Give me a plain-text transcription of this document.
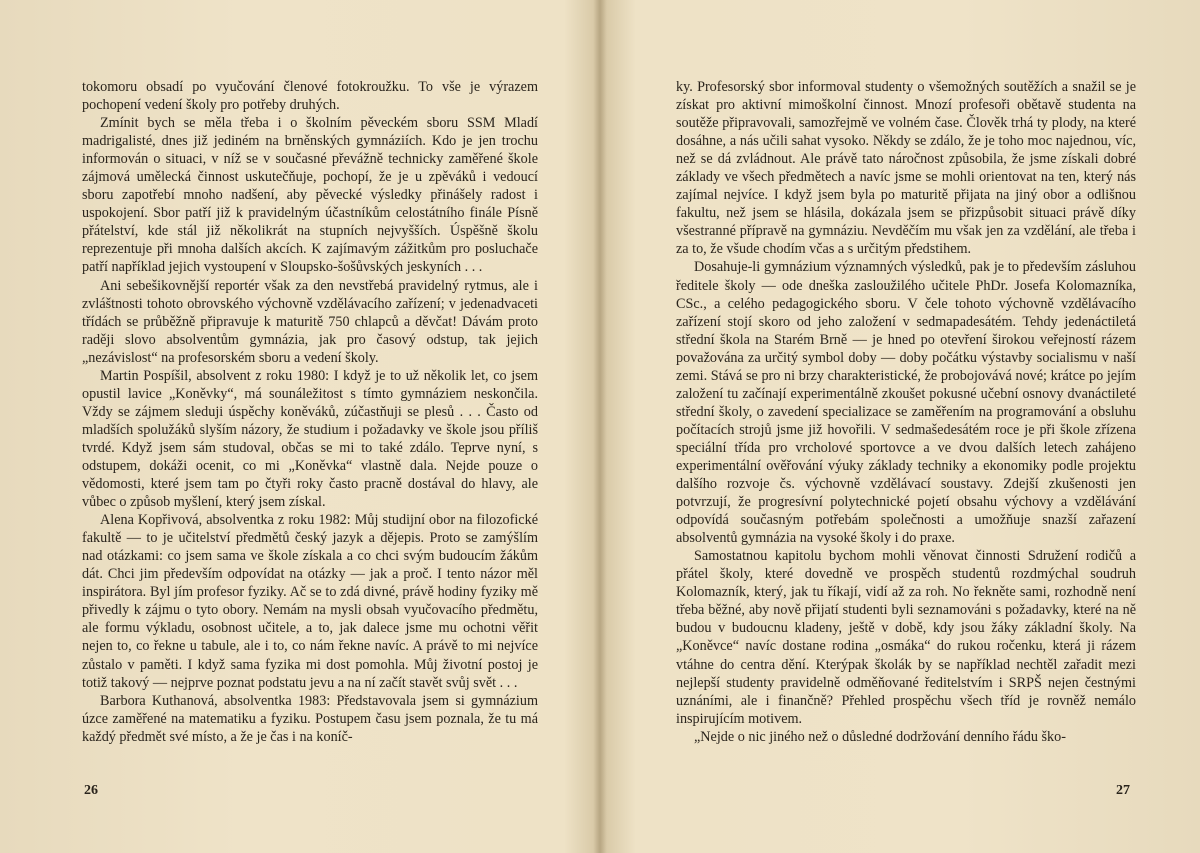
tokomoru obsadí po vyučování členové fotokroužku. To vše je výrazem pochopení vedení školy pro potřeby druhých.

Zmínit bych se měla třeba i o školním pěveckém sboru SSM Mladí madrigalisté, dnes již jediném na brněnských gymnáziích. Kdo je jen trochu informován o situaci, v níž se v současné převážně technicky zaměřené škole zájmová umělecká činnost uskutečňuje, pochopí, že je u zpěváků i vedoucí sboru zapotřebí mnoho nadšení, aby pěvecké výsledky přinášely radost i uspokojení. Sbor patří již k pravidelným účastníkům celostátního finále Písně přátelství, kde stál již několikrát na stupních nejvyšších. Úspěšně školu reprezentuje při mnoha dalších akcích. K zajímavým zážitkům pro posluchače patří například jejich vystoupení v Sloupsko-šošůvských jeskyních . . .

Ani sebešikovnější reportér však za den nevstřebá pravidelný rytmus, ale i zvláštnosti tohoto obrovského výchovně vzdělávacího zařízení; v jedenadvaceti třídách se průběžně připravuje k maturitě 750 chlapců a děvčat! Dávám proto raději slovo absolventům gymnázia, jak pro časový odstup, tak jejich „nezávislost“ na profesorském sboru a vedení školy.

Martin Pospíšil, absolvent z roku 1980: I když je to už několik let, co jsem opustil lavice „Koněvky“, má sounáležitost s tímto gymnáziem neskončila. Vždy se zájmem sleduji úspěchy koněváků, zúčastňuji se plesů . . . Často od mladších spolužáků slyším názory, že studium i požadavky ve škole jsou příliš tvrdé. Když jsem sám studoval, občas se mi to také zdálo. Teprve nyní, s odstupem, dokáži ocenit, co mi „Koněvka“ vlastně dala. Nejde pouze o vědomosti, které jsem tam po čtyři roky často pracně dostával do hlavy, ale vůbec o způsob myšlení, který jsem získal.

Alena Kopřivová, absolventka z roku 1982: Můj studijní obor na filozofické fakultě — to je učitelství předmětů český jazyk a dějepis. Proto se zamýšlím nad otázkami: co jsem sama ve škole získala a co chci svým budoucím žákům dát. Chci jim především odpovídat na otázky — jak a proč. I tento názor měl inspirátora. Byl jím profesor fyziky. Ač se to zdá divné, právě hodiny fyziky mě přivedly k zájmu o tyto obory. Nemám na mysli obsah vyučovacího předmětu, ale formu výkladu, osobnost učitele, a to, jak dalece jsme mu ochotni věřit nejen to, co řekne u tabule, ale i to, co nám řekne navíc. A právě to mi nejvíce zůstalo v paměti. I když sama fyzika mi dost pomohla. Můj životní postoj je totiž takový — nejprve poznat podstatu jevu a na ní začít stavět svůj svět . . .

Barbora Kuthanová, absolventka 1983: Představovala jsem si gymnázium úzce zaměřené na matematiku a fyziku. Postupem času jsem poznala, že tu má každý předmět své místo, a že je čas i na koníč-

26

ky. Profesorský sbor informoval studenty o všemožných soutěžích a snažil se je získat pro aktivní mimoškolní činnost. Mnozí profesoři obětavě studenta na soutěže připravovali, samozřejmě ve volném čase. Člověk trhá ty plody, na které dosáhne, a nás učili sahat vysoko. Někdy se zdálo, že je toho moc najednou, víc, než se dá zvládnout. Ale právě tato náročnost způsobila, že jsme získali dobré základy ve všech předmětech a navíc jsme se mohli orientovat na ten, který nás zajímal nejvíce. I když jsem byla po maturitě přijata na jiný obor a odlišnou fakultu, než jsem se hlásila, dokázala jsem se přizpůsobit situaci právě díky všestranné přípravě na gymnáziu. Nevděčím mu však jen za vzdělání, ale třeba i za to, že všude chodím včas a s určitým předstihem.

Dosahuje-li gymnázium významných výsledků, pak je to především zásluhou ředitele školy — ode dneška zasloužilého učitele PhDr. Josefa Kolomazníka, CSc., a celého pedagogického sboru. V čele tohoto výchovně vzdělávacího zařízení stojí skoro od jeho založení v sedmapadesátém. Tehdy jedenáctiletá střední škola na Starém Brně — je hned po otevření širokou veřejností rázem považována za určitý symbol doby — doby počátku výstavby socialismu v naší zemi. Stává se pro ni brzy charakteristické, že probojovává nové; krátce po jejím založení tu začínají experimentálně zkoušet pokusné učební osnovy dvanáctileté střední školy, o zavedení specializace se zaměřením na programování a obsluhu počítacích strojů jsme již hovořili. V sedmašedesátém roce je při škole zřízena speciální třída pro vrcholové sportovce a ve dvou dalších letech zahájeno experimentální ověřování výuky základy techniky a ekonomiky podle projektu dalšího rozvoje čs. výchovně vzdělávací soustavy. Zdejší zkušenosti jen potvrzují, že progresívní polytechnické pojetí obsahu výchovy a vzdělávání odpovídá současným potřebám společnosti a umožňuje snazší zařazení absolventů gymnázia na vysoké školy i do praxe.

Samostatnou kapitolu bychom mohli věnovat činnosti Sdružení rodičů a přátel školy, které dovedně ve prospěch studentů rozdmýchal soudruh Kolomazník, který, jak tu říkají, vidí až za roh. No řekněte sami, rozhodně není třeba běžné, aby nově přijatí studenti byli seznamováni s požadavky, které na ně budou v budoucnu kladeny, ještě v době, kdy jsou žáky základní školy. Na „Koněvce“ navíc dostane rodina „osmáka“ do rukou ročenku, která ji rázem vtáhne do centra dění. Kterýpak školák by se například nechtěl zařadit mezi nejlepší studenty pravidelně odměňované ředitelstvím i SRPŠ nejen čestnými uznáními, ale i finančně? Přehled prospěchu všech tříd je rovněž nemálo inspirujícím motivem.

„Nejde o nic jiného než o důsledné dodržování denního řádu ško-

27
